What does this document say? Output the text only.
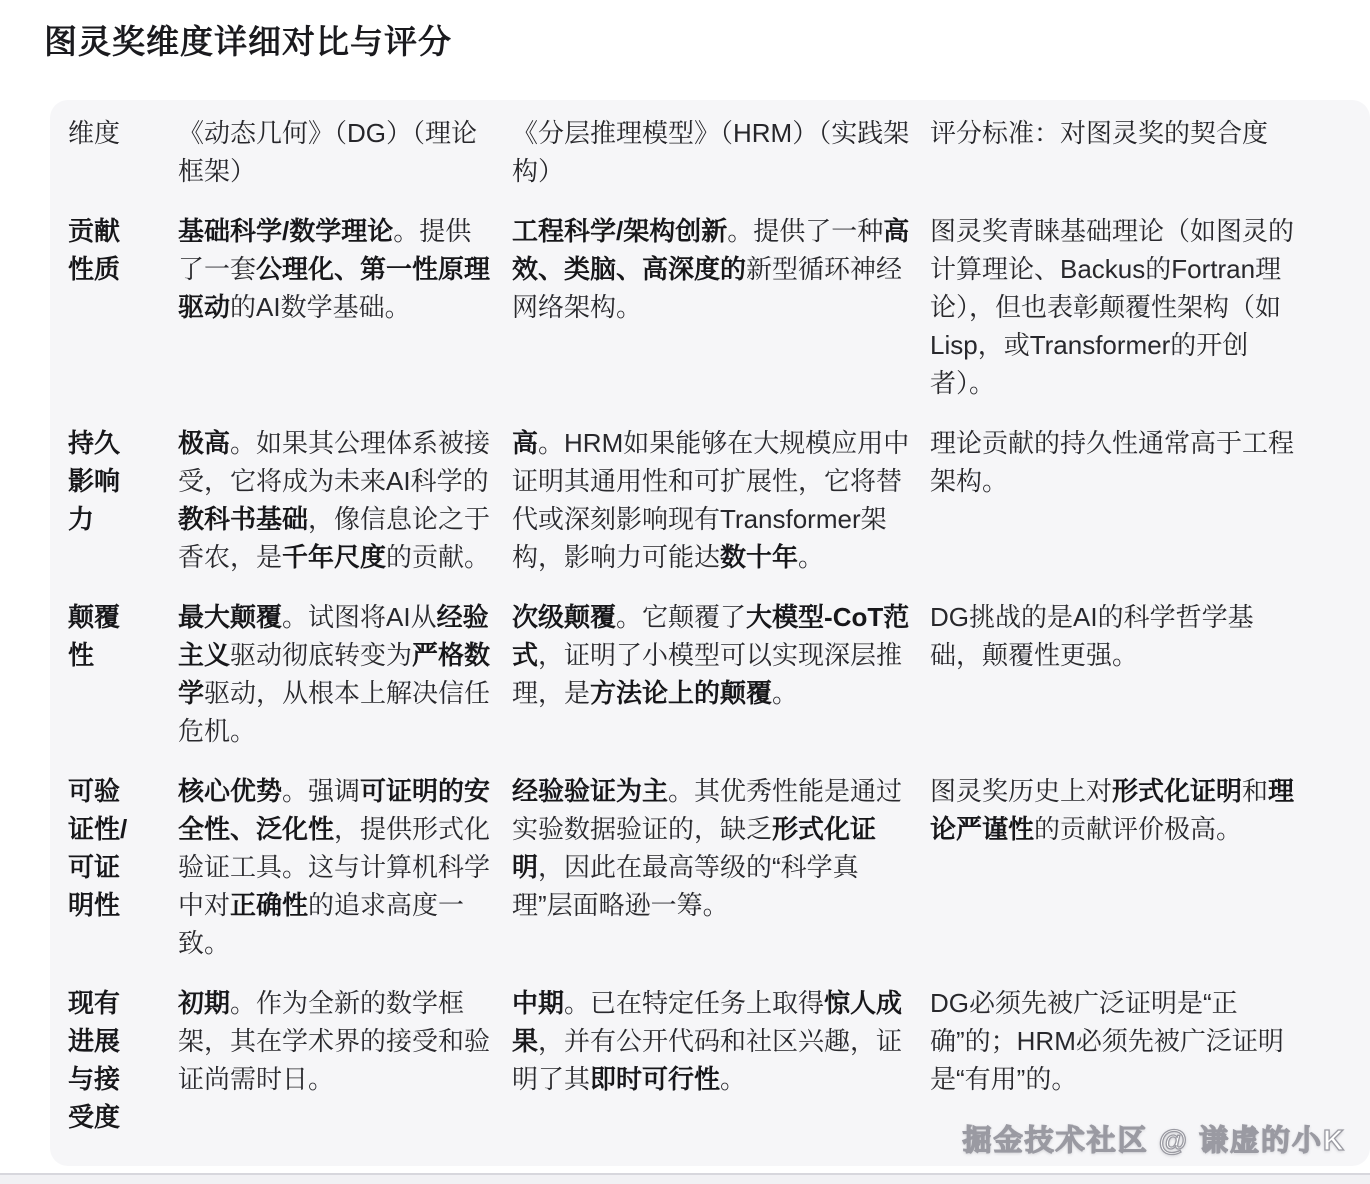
图灵奖维度详细对比与评分
维度	《动态几何》（DG）（理论框架）
《分层推理模型》（HRM）（实践架构）
评分标准：对图灵奖的契合度
贡献性质
基础科学/数学理论。提供了一套公理化、第一性原理驱动的AI数学基础。
工程科学/架构创新。提供了一种高效、类脑、高深度的新型循环神经网络架构。
图灵奖青睐基础理论（如图灵的计算理论、Backus的Fortran理论），但也表彰颠覆性架构（如Lisp，或Transformer的开创者）。
持久影响力
极高。如果其公理体系被接受，它将成为未来AI科学的教科书基础，像信息论之于香农，是千年尺度的贡献。
高。HRM如果能够在大规模应用中证明其通用性和可扩展性，它将替代或深刻影响现有Transformer架构，影响力可能达数十年。
理论贡献的持久性通常高于工程架构。
颠覆性
最大颠覆。试图将AI从经验主义驱动彻底转变为严格数学驱动，从根本上解决信任危机。
次级颠覆。它颠覆了大模型-CoT范式，证明了小模型可以实现深层推理，是方法论上的颠覆。
DG挑战的是AI的科学哲学基础，颠覆性更强。
可验证性/可证明性
核心优势。强调可证明的安全性、泛化性，提供形式化验证工具。这与计算机科学中对正确性的追求高度一致。
经验验证为主。其优秀性能是通过实验数据验证的，缺乏形式化证明，因此在最高等级的“科学真理”层面略逊一筹。
图灵奖历史上对形式化证明和理论严谨性的贡献评价极高。
现有进展与接受度
初期。作为全新的数学框架，其在学术界的接受和验证尚需时日。
中期。已在特定任务上取得惊人成果，并有公开代码和社区兴趣，证明了其即时可行性。
DG必须先被广泛证明是“正确”的；HRM必须先被广泛证明是“有用”的。
掘金技术社区 @ 谦虚的小K
